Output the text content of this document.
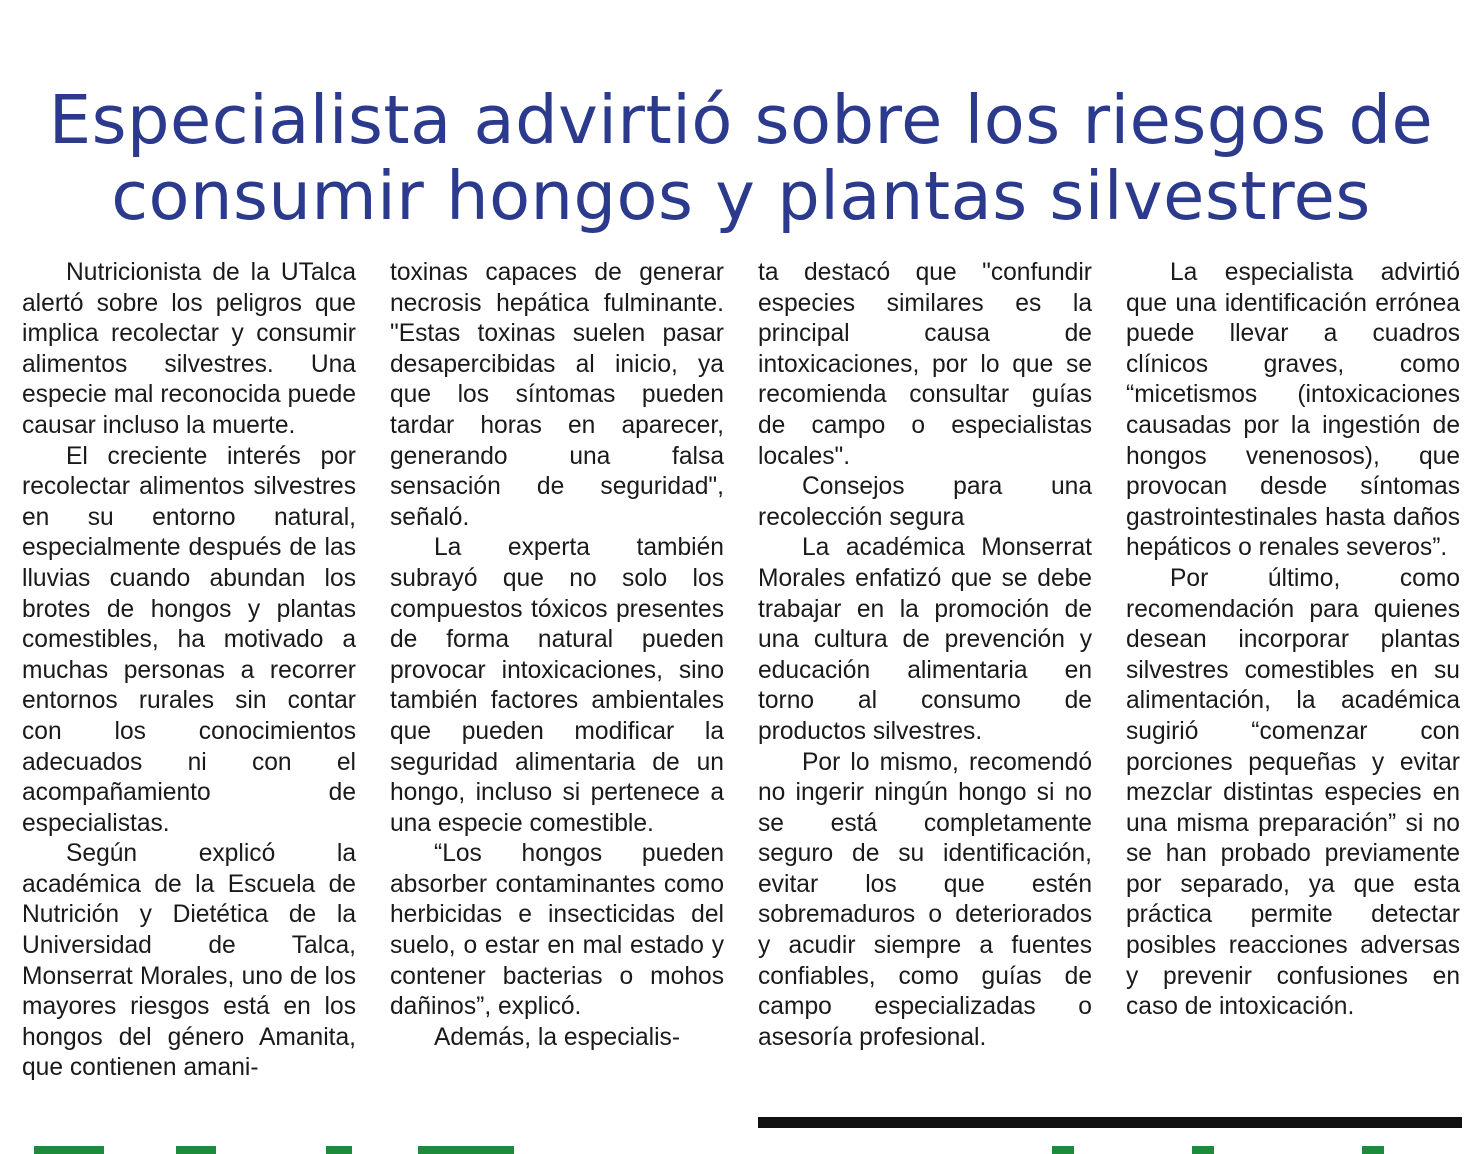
Especialista advirtió sobre los riesgos de
consumir hongos y plantas silvestres

Nutricionista de la UTalca alertó sobre los peligros que implica recolectar y consumir alimentos silvestres. Una especie mal reconocida puede causar incluso la muerte.

El creciente interés por recolectar alimentos silvestres en su entorno natural, especialmente después de las lluvias cuando abundan los brotes de hongos y plantas comestibles, ha motivado a muchas personas a recorrer entornos rurales sin contar con los conocimientos adecuados ni con el acompañamiento de especialistas.

Según explicó la académica de la Escuela de Nutrición y Dietética de la Universidad de Talca, Monserrat Morales, uno de los mayores riesgos está en los hongos del género Amanita, que contienen amani-

toxinas capaces de generar necrosis hepática fulminante. "Estas toxinas suelen pasar desapercibidas al inicio, ya que los síntomas pueden tardar horas en aparecer, generando una falsa sensación de seguridad", señaló.

La experta también subrayó que no solo los compuestos tóxicos presentes de forma natural pueden provocar intoxicaciones, sino también factores ambientales que pueden modificar la seguridad alimentaria de un hongo, incluso si pertenece a una especie comestible.

“Los hongos pueden absorber contaminantes como herbicidas e insecticidas del suelo, o estar en mal estado y contener bacterias o mohos dañinos”, explicó.

Además, la especialis-

ta destacó que "confundir especies similares es la principal causa de intoxicaciones, por lo que se recomienda consultar guías de campo o especialistas locales".

Consejos para una recolección segura

La académica Monserrat Morales enfatizó que se debe trabajar en la promoción de una cultura de prevención y educación alimentaria en torno al consumo de productos silvestres.

Por lo mismo, recomendó no ingerir ningún hongo si no se está completamente seguro de su identificación, evitar los que estén sobremaduros o deteriorados y acudir siempre a fuentes confiables, como guías de campo especializadas o asesoría profesional.

La especialista advirtió que una identificación errónea puede llevar a cuadros clínicos graves, como “micetismos (intoxicaciones causadas por la ingestión de hongos venenosos), que provocan desde síntomas gastrointestinales hasta daños hepáticos o renales severos”.

Por último, como recomendación para quienes desean incorporar plantas silvestres comestibles en su alimentación, la académica sugirió “comenzar con porciones pequeñas y evitar mezclar distintas especies en una misma preparación” si no se han probado previamente por separado, ya que esta práctica permite detectar posibles reacciones adversas y prevenir confusiones en caso de intoxicación.
